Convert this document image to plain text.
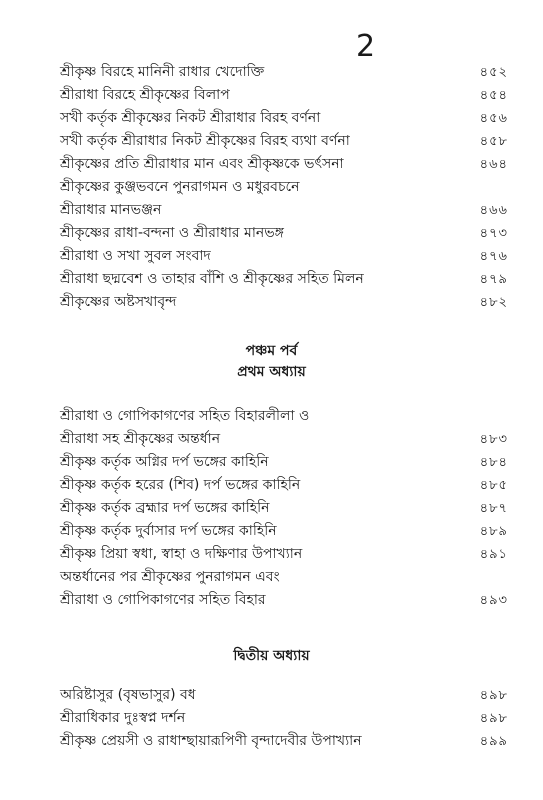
2
শ্রীকৃষ্ণ বিরহে মানিনী রাধার খেদোক্তি	৪৫২
শ্রীরাধা বিরহে শ্রীকৃষ্ণের বিলাপ	৪৫৪
সখী কর্তৃক শ্রীকৃষ্ণের নিকট শ্রীরাধার বিরহ বর্ণনা	৪৫৬
সখী কর্তৃক শ্রীরাধার নিকট শ্রীকৃষ্ণের বিরহ ব্যথা বর্ণনা	৪৫৮
শ্রীকৃষ্ণের প্রতি শ্রীরাধার মান এবং শ্রীকৃষ্ণকে ভর্ৎসনা	৪৬৪
শ্রীকৃষ্ণের কুঞ্জভবনে পুনরাগমন ও মধুরবচনে
শ্রীরাধার মানভঞ্জন	৪৬৬
শ্রীকৃষ্ণের রাধা-বন্দনা ও শ্রীরাধার মানভঙ্গ	৪৭৩
শ্রীরাধা ও সখা সুবল সংবাদ	৪৭৬
শ্রীরাধা ছদ্মবেশ ও তাহার বাঁশি ও শ্রীকৃষ্ণের সহিত মিলন	৪৭৯
শ্রীকৃষ্ণের অষ্টসখাবৃন্দ	৪৮২
পঞ্চম পর্ব
প্রথম অধ্যায়
শ্রীরাধা ও গোপিকাগণের সহিত বিহারলীলা ও
শ্রীরাধা সহ শ্রীকৃষ্ণের অন্তর্ধান	৪৮৩
শ্রীকৃষ্ণ কর্তৃক অগ্নির দর্প ভঙ্গের কাহিনি	৪৮৪
শ্রীকৃষ্ণ কর্তৃক হরের (শিব) দর্প ভঙ্গের কাহিনি	৪৮৫
শ্রীকৃষ্ণ কর্তৃক ব্রহ্মার দর্প ভঙ্গের কাহিনি	৪৮৭
শ্রীকৃষ্ণ কর্তৃক দুর্বাসার দর্প ভঙ্গের কাহিনি	৪৮৯
শ্রীকৃষ্ণ প্রিয়া স্বধা, স্বাহা ও দক্ষিণার উপাখ্যান	৪৯১
অন্তর্ধানের পর শ্রীকৃষ্ণের পুনরাগমন এবং
শ্রীরাধা ও গোপিকাগণের সহিত বিহার	৪৯৩
দ্বিতীয় অধ্যায়
অরিষ্টাসুর (বৃষভাসুর) বধ	৪৯৮
শ্রীরাধিকার দুঃস্বপ্ন দর্শন	৪৯৮
শ্রীকৃষ্ণ প্রেয়সী ও রাধাশ্ছায়ারূপিণী বৃন্দাদেবীর উপাখ্যান	৪৯৯
